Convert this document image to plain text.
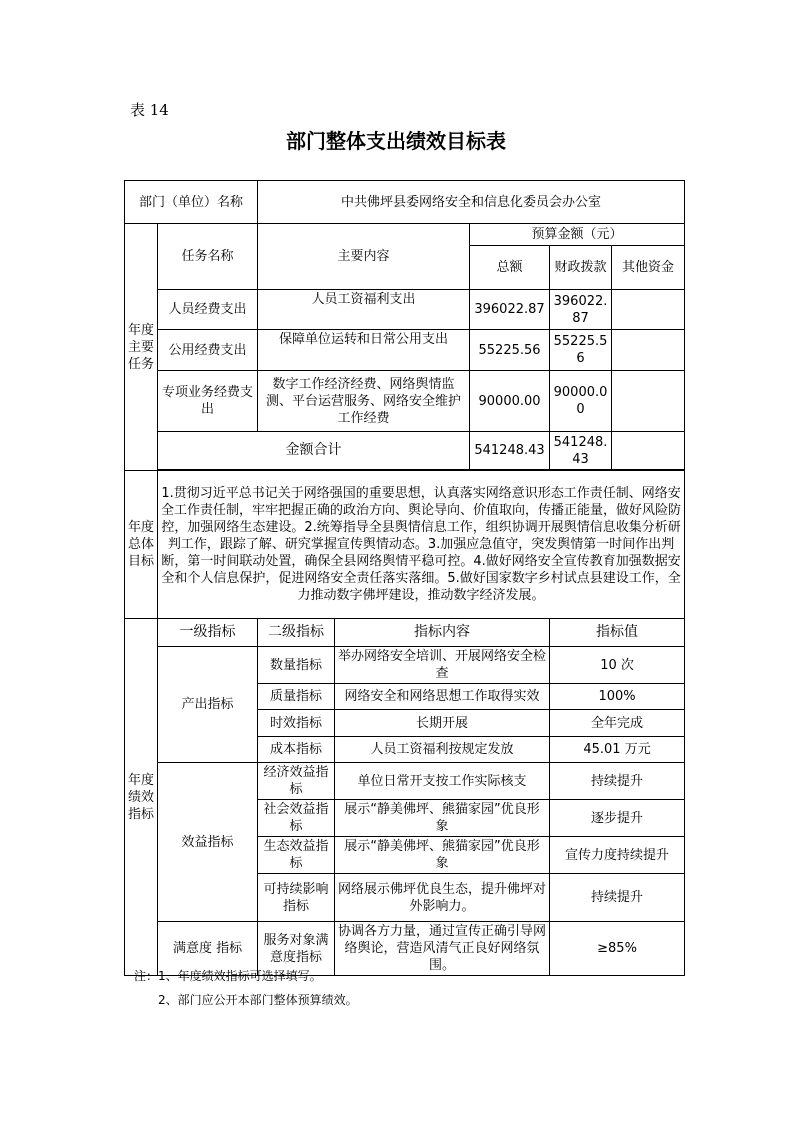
表 14
部门整体支出绩效目标表
部门（单位）名称		中共佛坪县委网络安全和信息化委员会办公室				
年度主要任务	任务名称	主要内容		预算金额（元）		
				总额	财政拨款	其他资金
	人员经费支出	人员工资福利支出		396022.87	396022.87	
	公用经费支出	保障单位运转和日常公用支出		55225.56	55225.56	
	专项业务经费支出	数字工作经济经费、网络舆情监测、平台运营服务、网络安全维护工作经费		90000.00	90000.00	
	金额合计			541248.43	541248.43	

年度总体目标	1.贯彻习近平总书记关于网络强国的重要思想，认真落实网络意识形态工作责任制、网络安全工作责任制，牢牢把握正确的政治方向、舆论导向、价值取向，传播正能量，做好风险防控，加强网络生态建设。2.统筹指导全县舆情信息工作，组织协调开展舆情信息收集分析研判工作，跟踪了解、研究掌握宣传舆情动态。3.加强应急值守，突发舆情第一时间作出判断，第一时间联动处置，确保全县网络舆情平稳可控。4.做好网络安全宣传教育加强数据安全和个人信息保护，促进网络安全责任落实落细。5.做好国家数字乡村试点县建设工作，全力推动数字佛坪建设，推动数字经济发展。					
年度绩效指标	一级指标	二级指标	指标内容		指标值	
	产出指标	数量指标	举办网络安全培训、开展网络安全检查		10 次	
		质量指标	网络安全和网络思想工作取得实效		100%	
		时效指标	长期开展		全年完成	
		成本指标	人员工资福利按规定发放		45.01 万元	
	效益指标	经济效益指标	单位日常开支按工作实际核支		持续提升	
		社会效益指标	展示“静美佛坪、熊猫家园”优良形象		逐步提升	
		生态效益指标	展示“静美佛坪、熊猫家园”优良形象		宣传力度持续提升	
		可持续影响指标	网络展示佛坪优良生态，提升佛坪对外影响力。		持续提升	
	满意度 指标	服务对象满意度指标	协调各方力量，通过宣传正确引导网络舆论，营造风清气正良好网络氛围。		≥85%	
注：1、年度绩效指标可选择填写。
2、部门应公开本部门整体预算绩效。
